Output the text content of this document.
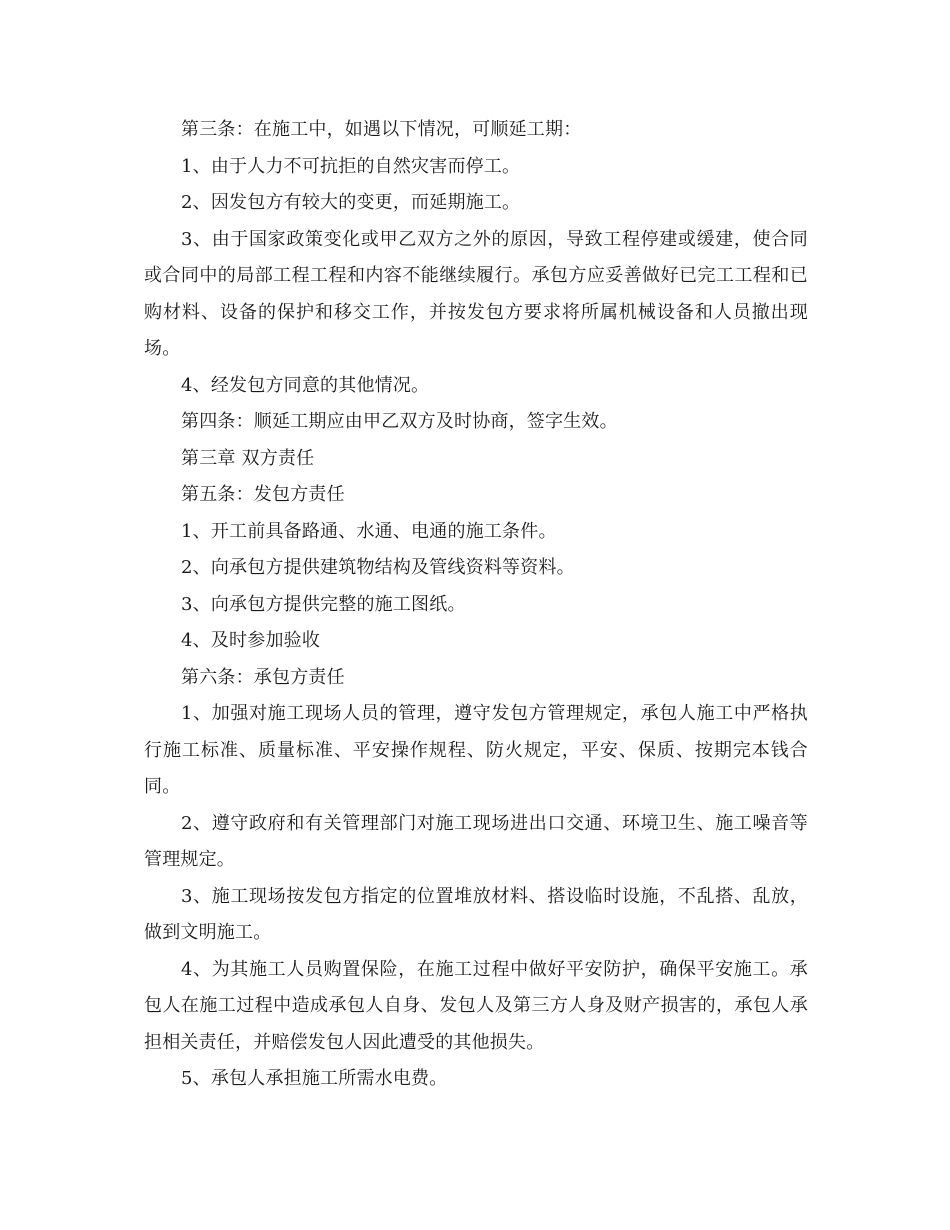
第三条：在施工中，如遇以下情况，可顺延工期：

1、由于人力不可抗拒的自然灾害而停工。

2、因发包方有较大的变更，而延期施工。

3、由于国家政策变化或甲乙双方之外的原因，导致工程停建或缓建，使合同或合同中的局部工程工程和内容不能继续履行。承包方应妥善做好已完工工程和已购材料、设备的保护和移交工作，并按发包方要求将所属机械设备和人员撤出现场。

4、经发包方同意的其他情况。

第四条：顺延工期应由甲乙双方及时协商，签字生效。

第三章 双方责任

第五条：发包方责任

1、开工前具备路通、水通、电通的施工条件。

2、向承包方提供建筑物结构及管线资料等资料。

3、向承包方提供完整的施工图纸。

4、及时参加验收

第六条：承包方责任

1、加强对施工现场人员的管理，遵守发包方管理规定，承包人施工中严格执行施工标准、质量标准、平安操作规程、防火规定，平安、保质、按期完本钱合同。

2、遵守政府和有关管理部门对施工现场进出口交通、环境卫生、施工噪音等管理规定。

3、施工现场按发包方指定的位置堆放材料、搭设临时设施，不乱搭、乱放，做到文明施工。

4、为其施工人员购置保险，在施工过程中做好平安防护，确保平安施工。承包人在施工过程中造成承包人自身、发包人及第三方人身及财产损害的，承包人承担相关责任，并赔偿发包人因此遭受的其他损失。

5、承包人承担施工所需水电费。
